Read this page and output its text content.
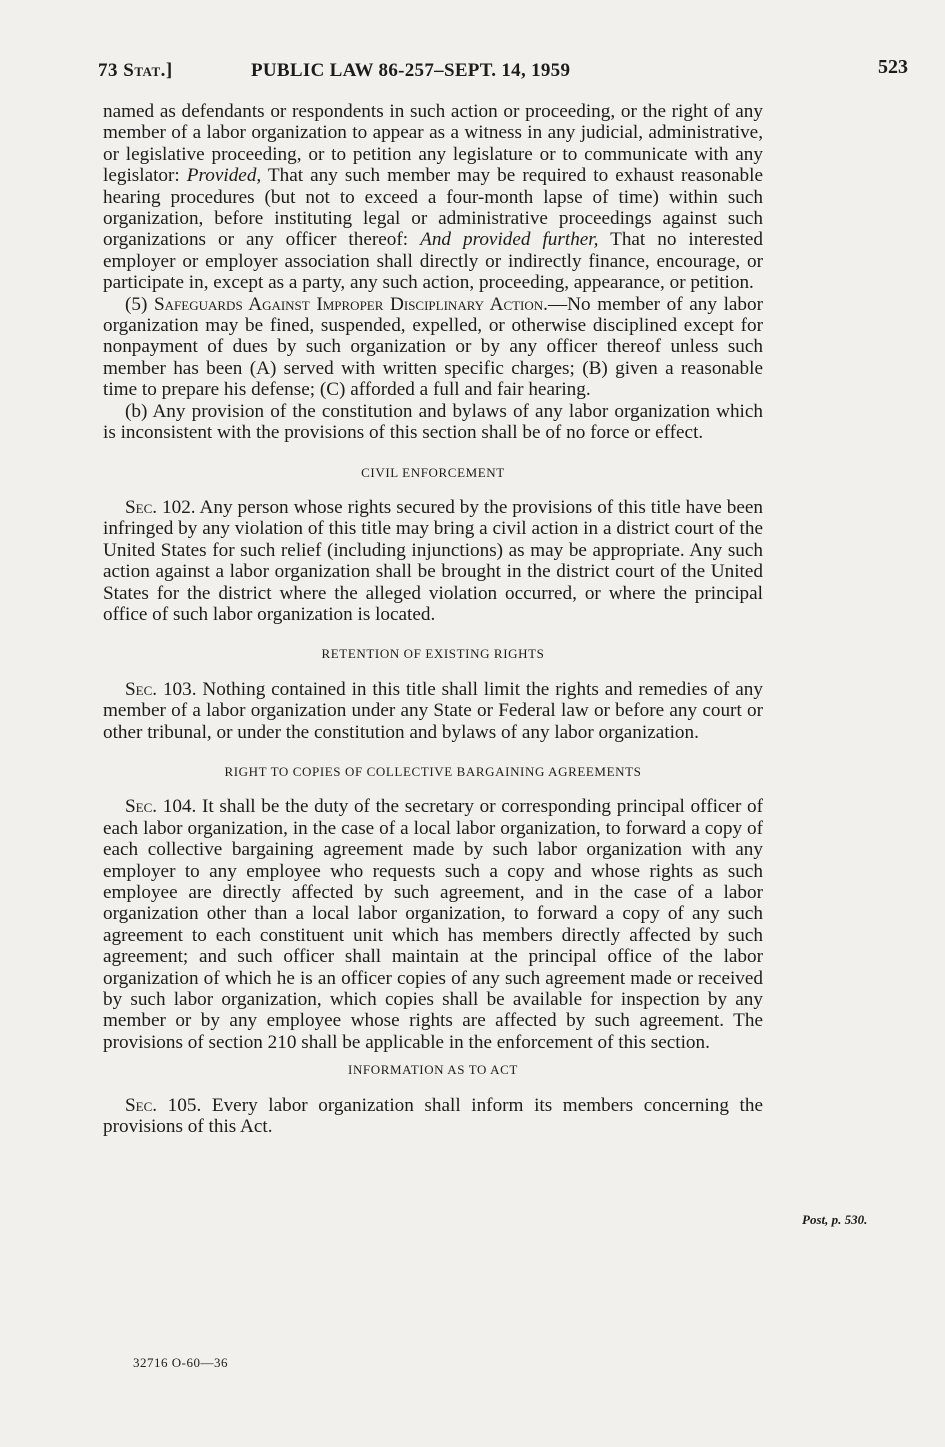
73 Stat.]	PUBLIC LAW 86-257–SEPT. 14, 1959	523

named as defendants or respondents in such action or proceeding, or the right of any member of a labor organization to appear as a witness in any judicial, administrative, or legislative proceeding, or to petition any legislature or to communicate with any legislator: Provided, That any such member may be required to exhaust reasonable hearing procedures (but not to exceed a four-month lapse of time) within such organization, before instituting legal or administrative proceedings against such organizations or any officer thereof: And provided further, That no interested employer or employer association shall directly or indirectly finance, encourage, or participate in, except as a party, any such action, proceeding, appearance, or petition.

(5) Safeguards Against Improper Disciplinary Action.—No member of any labor organization may be fined, suspended, expelled, or otherwise disciplined except for nonpayment of dues by such organization or by any officer thereof unless such member has been (A) served with written specific charges; (B) given a reasonable time to prepare his defense; (C) afforded a full and fair hearing.

(b) Any provision of the constitution and bylaws of any labor organization which is inconsistent with the provisions of this section shall be of no force or effect.

CIVIL ENFORCEMENT

Sec. 102. Any person whose rights secured by the provisions of this title have been infringed by any violation of this title may bring a civil action in a district court of the United States for such relief (including injunctions) as may be appropriate. Any such action against a labor organization shall be brought in the district court of the United States for the district where the alleged violation occurred, or where the principal office of such labor organization is located.

RETENTION OF EXISTING RIGHTS

Sec. 103. Nothing contained in this title shall limit the rights and remedies of any member of a labor organization under any State or Federal law or before any court or other tribunal, or under the constitution and bylaws of any labor organization.

RIGHT TO COPIES OF COLLECTIVE BARGAINING AGREEMENTS

Sec. 104. It shall be the duty of the secretary or corresponding principal officer of each labor organization, in the case of a local labor organization, to forward a copy of each collective bargaining agreement made by such labor organization with any employer to any employee who requests such a copy and whose rights as such employee are directly affected by such agreement, and in the case of a labor organization other than a local labor organization, to forward a copy of any such agreement to each constituent unit which has members directly affected by such agreement; and such officer shall maintain at the principal office of the labor organization of which he is an officer copies of any such agreement made or received by such labor organization, which copies shall be available for inspection by any member or by any employee whose rights are affected by such agreement. The provisions of section 210 shall be applicable in the enforcement of this section.

INFORMATION AS TO ACT

Sec. 105. Every labor organization shall inform its members concerning the provisions of this Act.

Post, p. 530.
32716 O-60—36
